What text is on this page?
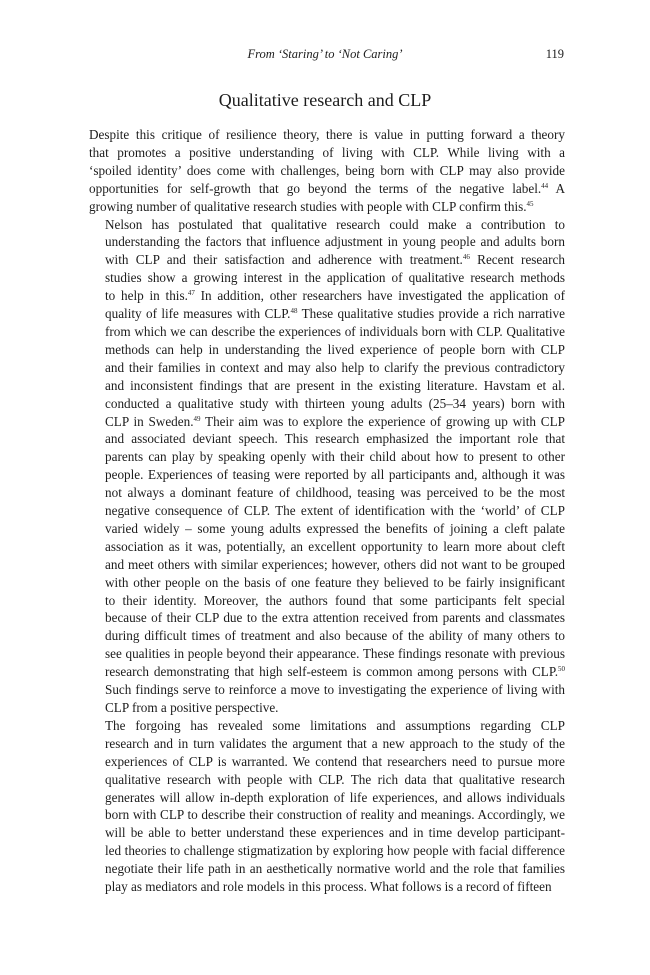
From ‘Staring’ to ‘Not Caring’	119
Qualitative research and CLP

Despite this critique of resilience theory, there is value in putting forward a theory
that promotes a positive understanding of living with CLP. While living with a
‘spoiled identity’ does come with challenges, being born with CLP may also provide
opportunities for self-growth that go beyond the terms of the negative label.$^{44}$ A
growing number of qualitative research studies with people with CLP confirm this.$^{45}$

Nelson has postulated that qualitative research could make a contribution to
understanding the factors that influence adjustment in young people and adults born
with CLP and their satisfaction and adherence with treatment.$^{46}$ Recent research
studies show a growing interest in the application of qualitative research methods
to help in this.$^{47}$ In addition, other researchers have investigated the application of
quality of life measures with CLP.$^{48}$ These qualitative studies provide a rich narrative
from which we can describe the experiences of individuals born with CLP. Qualitative
methods can help in understanding the lived experience of people born with CLP
and their families in context and may also help to clarify the previous contradictory
and inconsistent findings that are present in the existing literature. Havstam et al.
conducted a qualitative study with thirteen young adults (25–34 years) born with
CLP in Sweden.$^{49}$ Their aim was to explore the experience of growing up with CLP
and associated deviant speech. This research emphasized the important role that
parents can play by speaking openly with their child about how to present to other
people. Experiences of teasing were reported by all participants and, although it was
not always a dominant feature of childhood, teasing was perceived to be the most
negative consequence of CLP. The extent of identification with the ‘world’ of CLP
varied widely – some young adults expressed the benefits of joining a cleft palate
association as it was, potentially, an excellent opportunity to learn more about cleft
and meet others with similar experiences; however, others did not want to be grouped
with other people on the basis of one feature they believed to be fairly insignificant
to their identity. Moreover, the authors found that some participants felt special
because of their CLP due to the extra attention received from parents and classmates
during difficult times of treatment and also because of the ability of many others to
see qualities in people beyond their appearance. These findings resonate with previous
research demonstrating that high self-esteem is common among persons with CLP.$^{50}$
Such findings serve to reinforce a move to investigating the experience of living with
CLP from a positive perspective.

The forgoing has revealed some limitations and assumptions regarding CLP
research and in turn validates the argument that a new approach to the study of the
experiences of CLP is warranted. We contend that researchers need to pursue more
qualitative research with people with CLP. The rich data that qualitative research
generates will allow in-depth exploration of life experiences, and allows individuals
born with CLP to describe their construction of reality and meanings. Accordingly, we
will be able to better understand these experiences and in time develop participant-
led theories to challenge stigmatization by exploring how people with facial difference
negotiate their life path in an aesthetically normative world and the role that families
play as mediators and role models in this process. What follows is a record of fifteen
